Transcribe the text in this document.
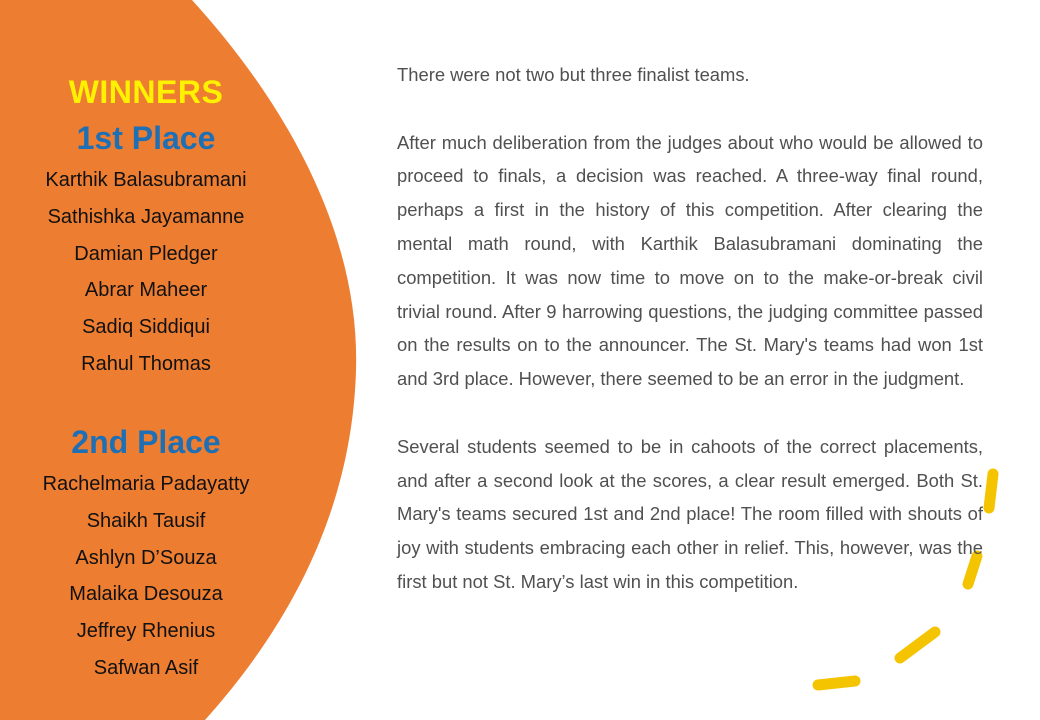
WINNERS
1st Place
Karthik Balasubramani
Sathishka Jayamanne
Damian Pledger
Abrar Maheer
Sadiq Siddiqui
Rahul Thomas
2nd Place
Rachelmaria Padayatty
Shaikh Tausif
Ashlyn D’Souza
Malaika Desouza
Jeffrey Rhenius
Safwan Asif

There were not two but three finalist teams.

After much deliberation from the judges about who would be allowed to proceed to finals, a decision was reached. A three-way final round, perhaps a first in the history of this competition. After clearing the mental math round, with Karthik Balasubramani dominating the competition. It was now time to move on to the make-or-break civil trivial round. After 9 harrowing questions, the judging committee passed on the results on to the announcer. The St. Mary's teams had won 1st and 3rd place. However, there seemed to be an error in the judgment.

Several students seemed to be in cahoots of the correct placements, and after a second look at the scores, a clear result emerged. Both St. Mary's teams secured 1st and 2nd place! The room filled with shouts of joy with students embracing each other in relief. This, however, was the first but not St. Mary’s last win in this competition.
